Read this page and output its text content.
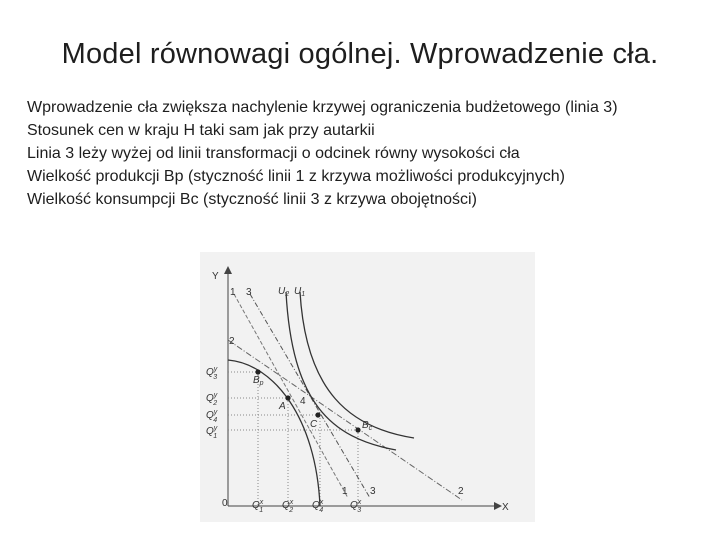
Model równowagi ogólnej. Wprowadzenie cła.
Wprowadzenie cła zwiększa nachylenie krzywej ograniczenia budżetowego (linia 3)
Stosunek cen w kraju H taki sam jak przy autarkii
Linia 3 leży wyżej od linii transformacji o odcinek równy wysokości cła
Wielkość produkcji Bp (styczność linii 1 z krzywa możliwości produkcyjnych)
Wielkość konsumpcji Bc (styczność linii 3 z krzywa obojętności)
Y
X
0
$U_2$ $U_1$
1 3
2
1 3	2
$B_p$
A 4
C	$B_c$
$Q^y$ 3
$Q^y$ 2
$Q^y$ 4
$Q^y$ 1
$Q^x$ 1 $Q^x$ 2 $Q^x$ 4	$Q^x$ 3
